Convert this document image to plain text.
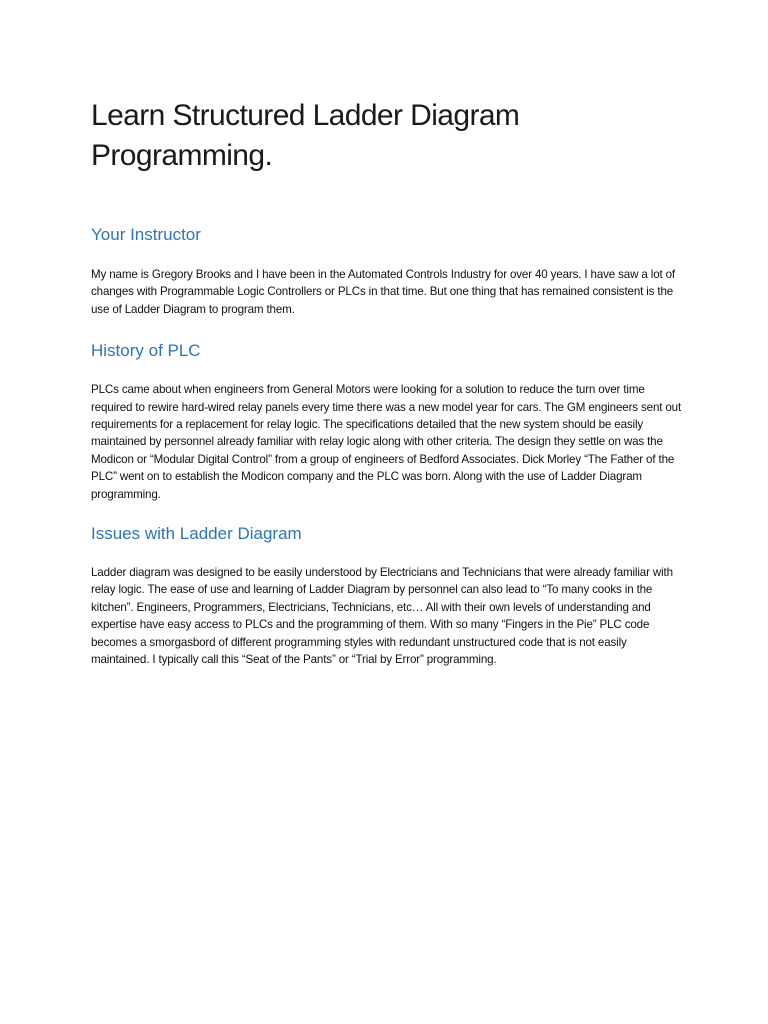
Learn Structured Ladder Diagram Programming.
Your Instructor

My name is Gregory Brooks and I have been in the Automated Controls Industry for over 40 years. I have saw a lot of changes with Programmable Logic Controllers or PLCs in that time. But one thing that has remained consistent is the use of Ladder Diagram to program them.

History of PLC

PLCs came about when engineers from General Motors were looking for a solution to reduce the turn over time required to rewire hard-wired relay panels every time there was a new model year for cars. The GM engineers sent out requirements for a replacement for relay logic. The specifications detailed that the new system should be easily maintained by personnel already familiar with relay logic along with other criteria. The design they settle on was the Modicon or “Modular Digital Control” from a group of engineers of Bedford Associates. Dick Morley “The Father of the PLC” went on to establish the Modicon company and the PLC was born. Along with the use of Ladder Diagram programming.

Issues with Ladder Diagram

Ladder diagram was designed to be easily understood by Electricians and Technicians that were already familiar with relay logic. The ease of use and learning of Ladder Diagram by personnel can also lead to “To many cooks in the kitchen”. Engineers, Programmers, Electricians, Technicians, etc… All with their own levels of understanding and expertise have easy access to PLCs and the programming of them. With so many “Fingers in the Pie” PLC code becomes a smorgasbord of different programming styles with redundant unstructured code that is not easily maintained. I typically call this “Seat of the Pants” or “Trial by Error” programming.
